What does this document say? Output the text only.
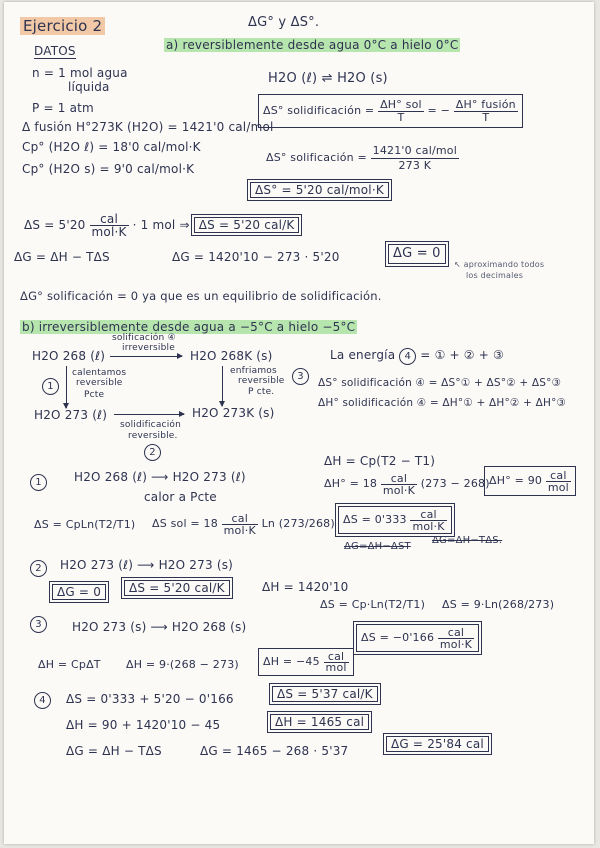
Ejercicio 2	ΔG° y ΔS°.
DATOS	a) reversiblemente desde agua 0°C a hielo 0°C
n = 1 mol agua
líquida
H2O (ℓ) ⇌ H2O (s)
P = 1 atm	ΔS° solidificación = $\frac{\text{ΔH° sol}}{T}$ = − $\frac{\text{ΔH° fusión}}{T}$
Δ fusión H°273K (H2O) = 1421'0 cal/mol
Cp° (H2O ℓ) = 18'0 cal/mol·K
ΔS° solificación = $\frac{\text{1421'0 cal/mol}}{273 K}$
Cp° (H2O s) = 9'0 cal/mol·K
ΔS° = 5'20 cal/mol·K
$\Delta S = 5'20 \frac{\text{cal}}{\text{mol·K}} \cdot 1$ mol ⇒ ΔS = 5'20 cal/K
ΔG = ΔH − TΔS	ΔG = 1420'10 − 273 · 5'20	ΔG = 0
↖ aproximando todos
los decimales
ΔG° solificación = 0 ya que es un equilibrio de solidificación.
b) irreversiblemente desde agua a −5°C a hielo −5°C
H2O 268 (ℓ)
solificación ④
irreversible
H2O 268K (s)	La energía 4 = ① + ② + ③
1
calentamos
reversible
Pcte
enfriamos
reversible
P cte.
3
ΔS° solidificación ④ = ΔS°① + ΔS°② + ΔS°③
ΔH° solidificación ④ = ΔH°① + ΔH°② + ΔH°③
H2O 273 (ℓ)	H2O 273K (s)
solidificación
reversible.
2
1	H2O 268 (ℓ) ⟶ H2O 273 (ℓ)
ΔH = Cp(T2 − T1)
$\Delta H^\circ = 18 \frac{\text{cal}}{\text{mol·K}} (273 - 268) \Delta H^\circ = 90 \frac{\text{cal}}{\text{mol}}$
calor a Pcte
ΔS = CpLn(T2/T1) ΔS sol = $18 \frac{\text{cal}}{\text{mol·K}}$ Ln (273/268) $\Delta S = 0'333 \frac{\text{cal}}{\text{mol·K}}$
ΔG=ΔH−ΔST
ΔG=ΔH−TΔS.
2	H2O 273 (ℓ) ⟶ H2O 273 (s)
ΔG = 0	ΔS = 5'20 cal/K	ΔH = 1420'10
3	H2O 273 (s) ⟶ H2O 268 (s)
ΔS = Cp·Ln(T2/T1) ΔS = 9·Ln(268/273)
$\Delta S = -0'166 \frac{\text{cal}}{\text{mol·K}}$
ΔH = CpΔT ΔH = 9·(268 − 273)	$\Delta H = -45 \frac{\text{cal}}{\text{mol}}$
4	ΔS = 0'333 + 5'20 − 0'166	ΔS = 5'37 cal/K
ΔH = 90 + 1420'10 − 45	ΔH = 1465 cal
ΔG = ΔH − TΔS	ΔG = 1465 − 268 · 5'37	ΔG = 25'84 cal
